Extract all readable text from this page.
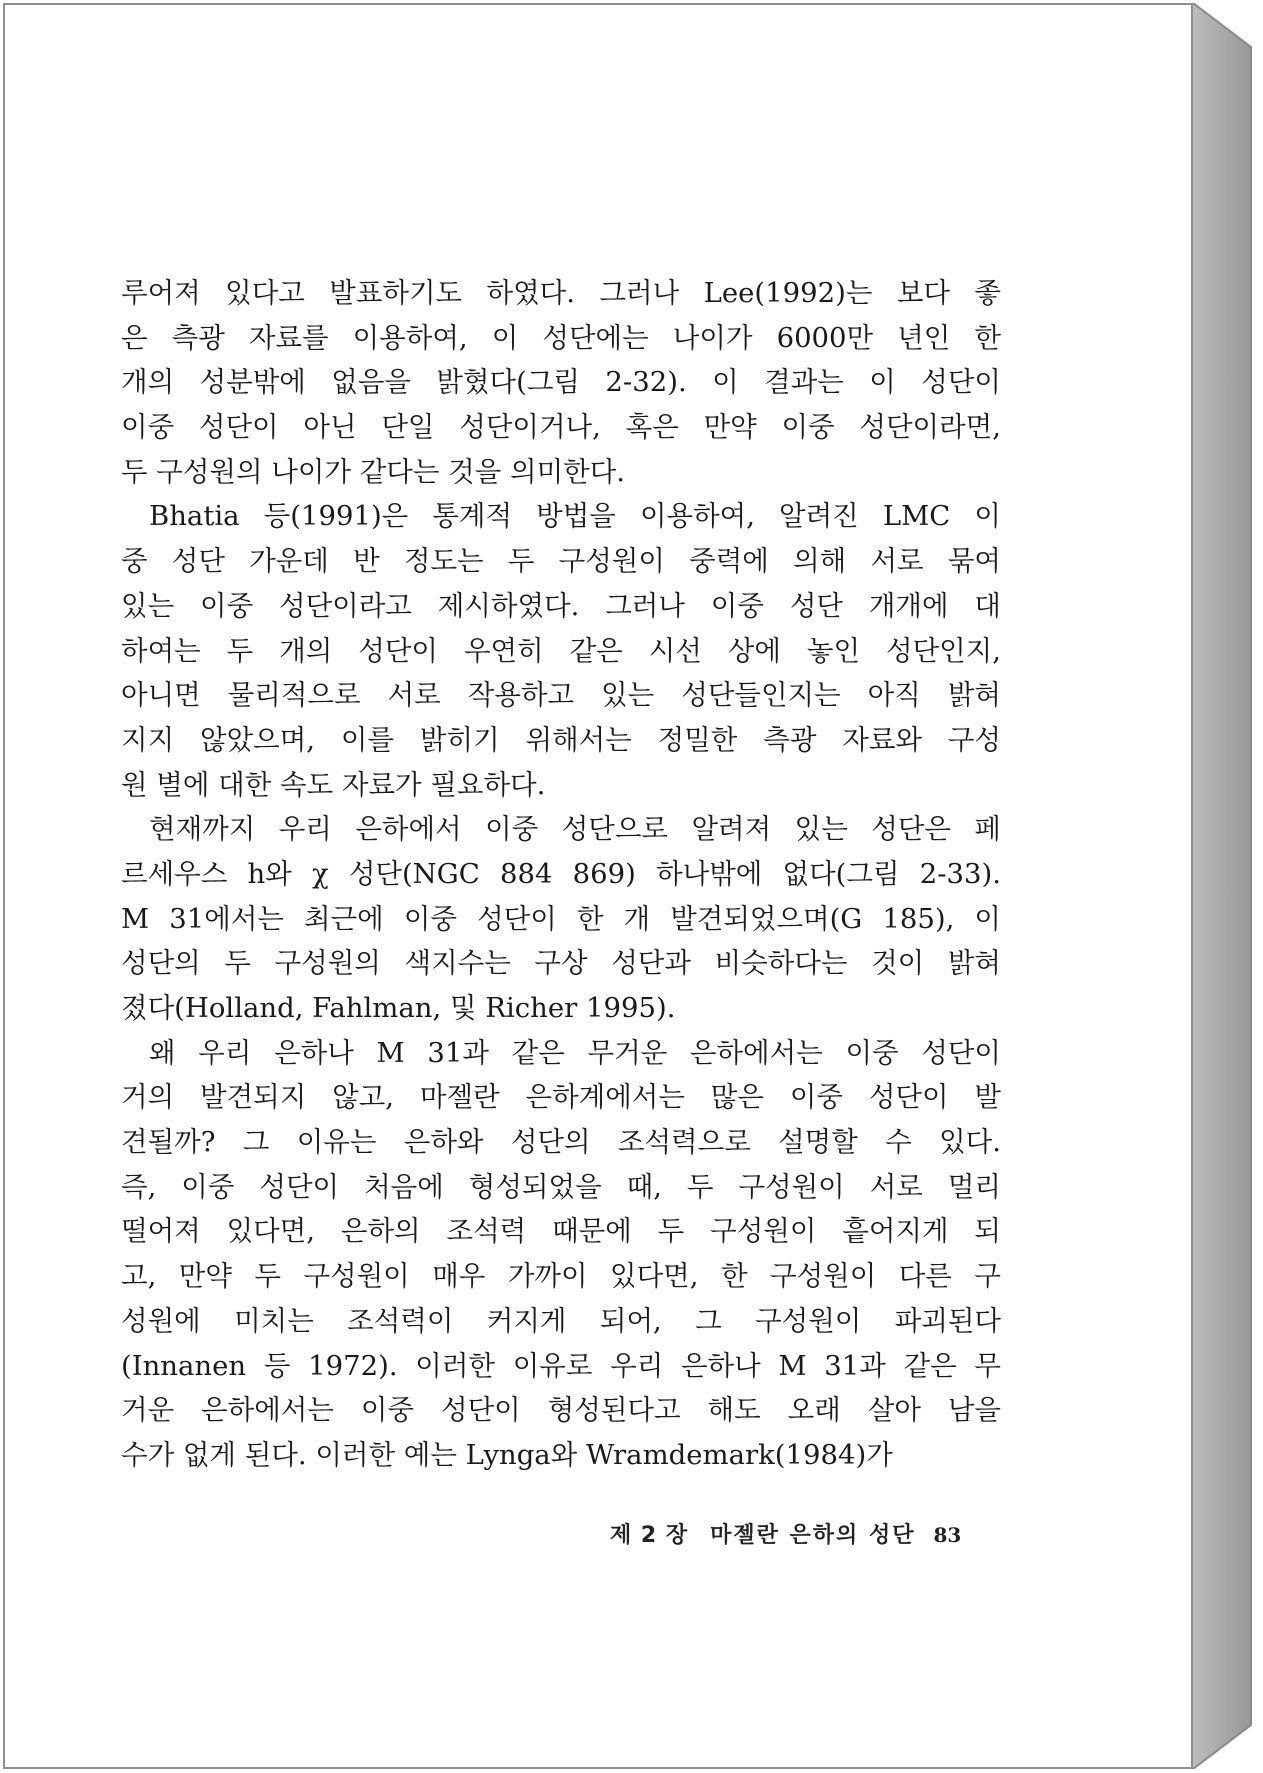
루어져 있다고 발표하기도 하였다. 그러나 Lee(1992)는 보다 좋
은 측광 자료를 이용하여, 이 성단에는 나이가 6000만 년인 한
개의 성분밖에 없음을 밝혔다(그림 2-32). 이 결과는 이 성단이
이중 성단이 아닌 단일 성단이거나, 혹은 만약 이중 성단이라면,
두 구성원의 나이가 같다는 것을 의미한다.
Bhatia 등(1991)은 통계적 방법을 이용하여, 알려진 LMC 이
중 성단 가운데 반 정도는 두 구성원이 중력에 의해 서로 묶여
있는 이중 성단이라고 제시하였다. 그러나 이중 성단 개개에 대
하여는 두 개의 성단이 우연히 같은 시선 상에 놓인 성단인지,
아니면 물리적으로 서로 작용하고 있는 성단들인지는 아직 밝혀
지지 않았으며, 이를 밝히기 위해서는 정밀한 측광 자료와 구성
원 별에 대한 속도 자료가 필요하다.
현재까지 우리 은하에서 이중 성단으로 알려져 있는 성단은 페
르세우스 h와 χ 성단(NGC 884 869) 하나밖에 없다(그림 2-33).
M 31에서는 최근에 이중 성단이 한 개 발견되었으며(G 185), 이
성단의 두 구성원의 색지수는 구상 성단과 비슷하다는 것이 밝혀
졌다(Holland, Fahlman, 및 Richer 1995).
왜 우리 은하나 M 31과 같은 무거운 은하에서는 이중 성단이
거의 발견되지 않고, 마젤란 은하계에서는 많은 이중 성단이 발
견될까? 그 이유는 은하와 성단의 조석력으로 설명할 수 있다.
즉, 이중 성단이 처음에 형성되었을 때, 두 구성원이 서로 멀리
떨어져 있다면, 은하의 조석력 때문에 두 구성원이 흩어지게 되
고, 만약 두 구성원이 매우 가까이 있다면, 한 구성원이 다른 구
성원에 미치는 조석력이 커지게 되어, 그 구성원이 파괴된다
(Innanen 등 1972). 이러한 이유로 우리 은하나 M 31과 같은 무
거운 은하에서는 이중 성단이 형성된다고 해도 오래 살아 남을
수가 없게 된다. 이러한 예는 Lynga와 Wramdemark(1984)가
제 2 장 마젤란 은하의 성단 83
